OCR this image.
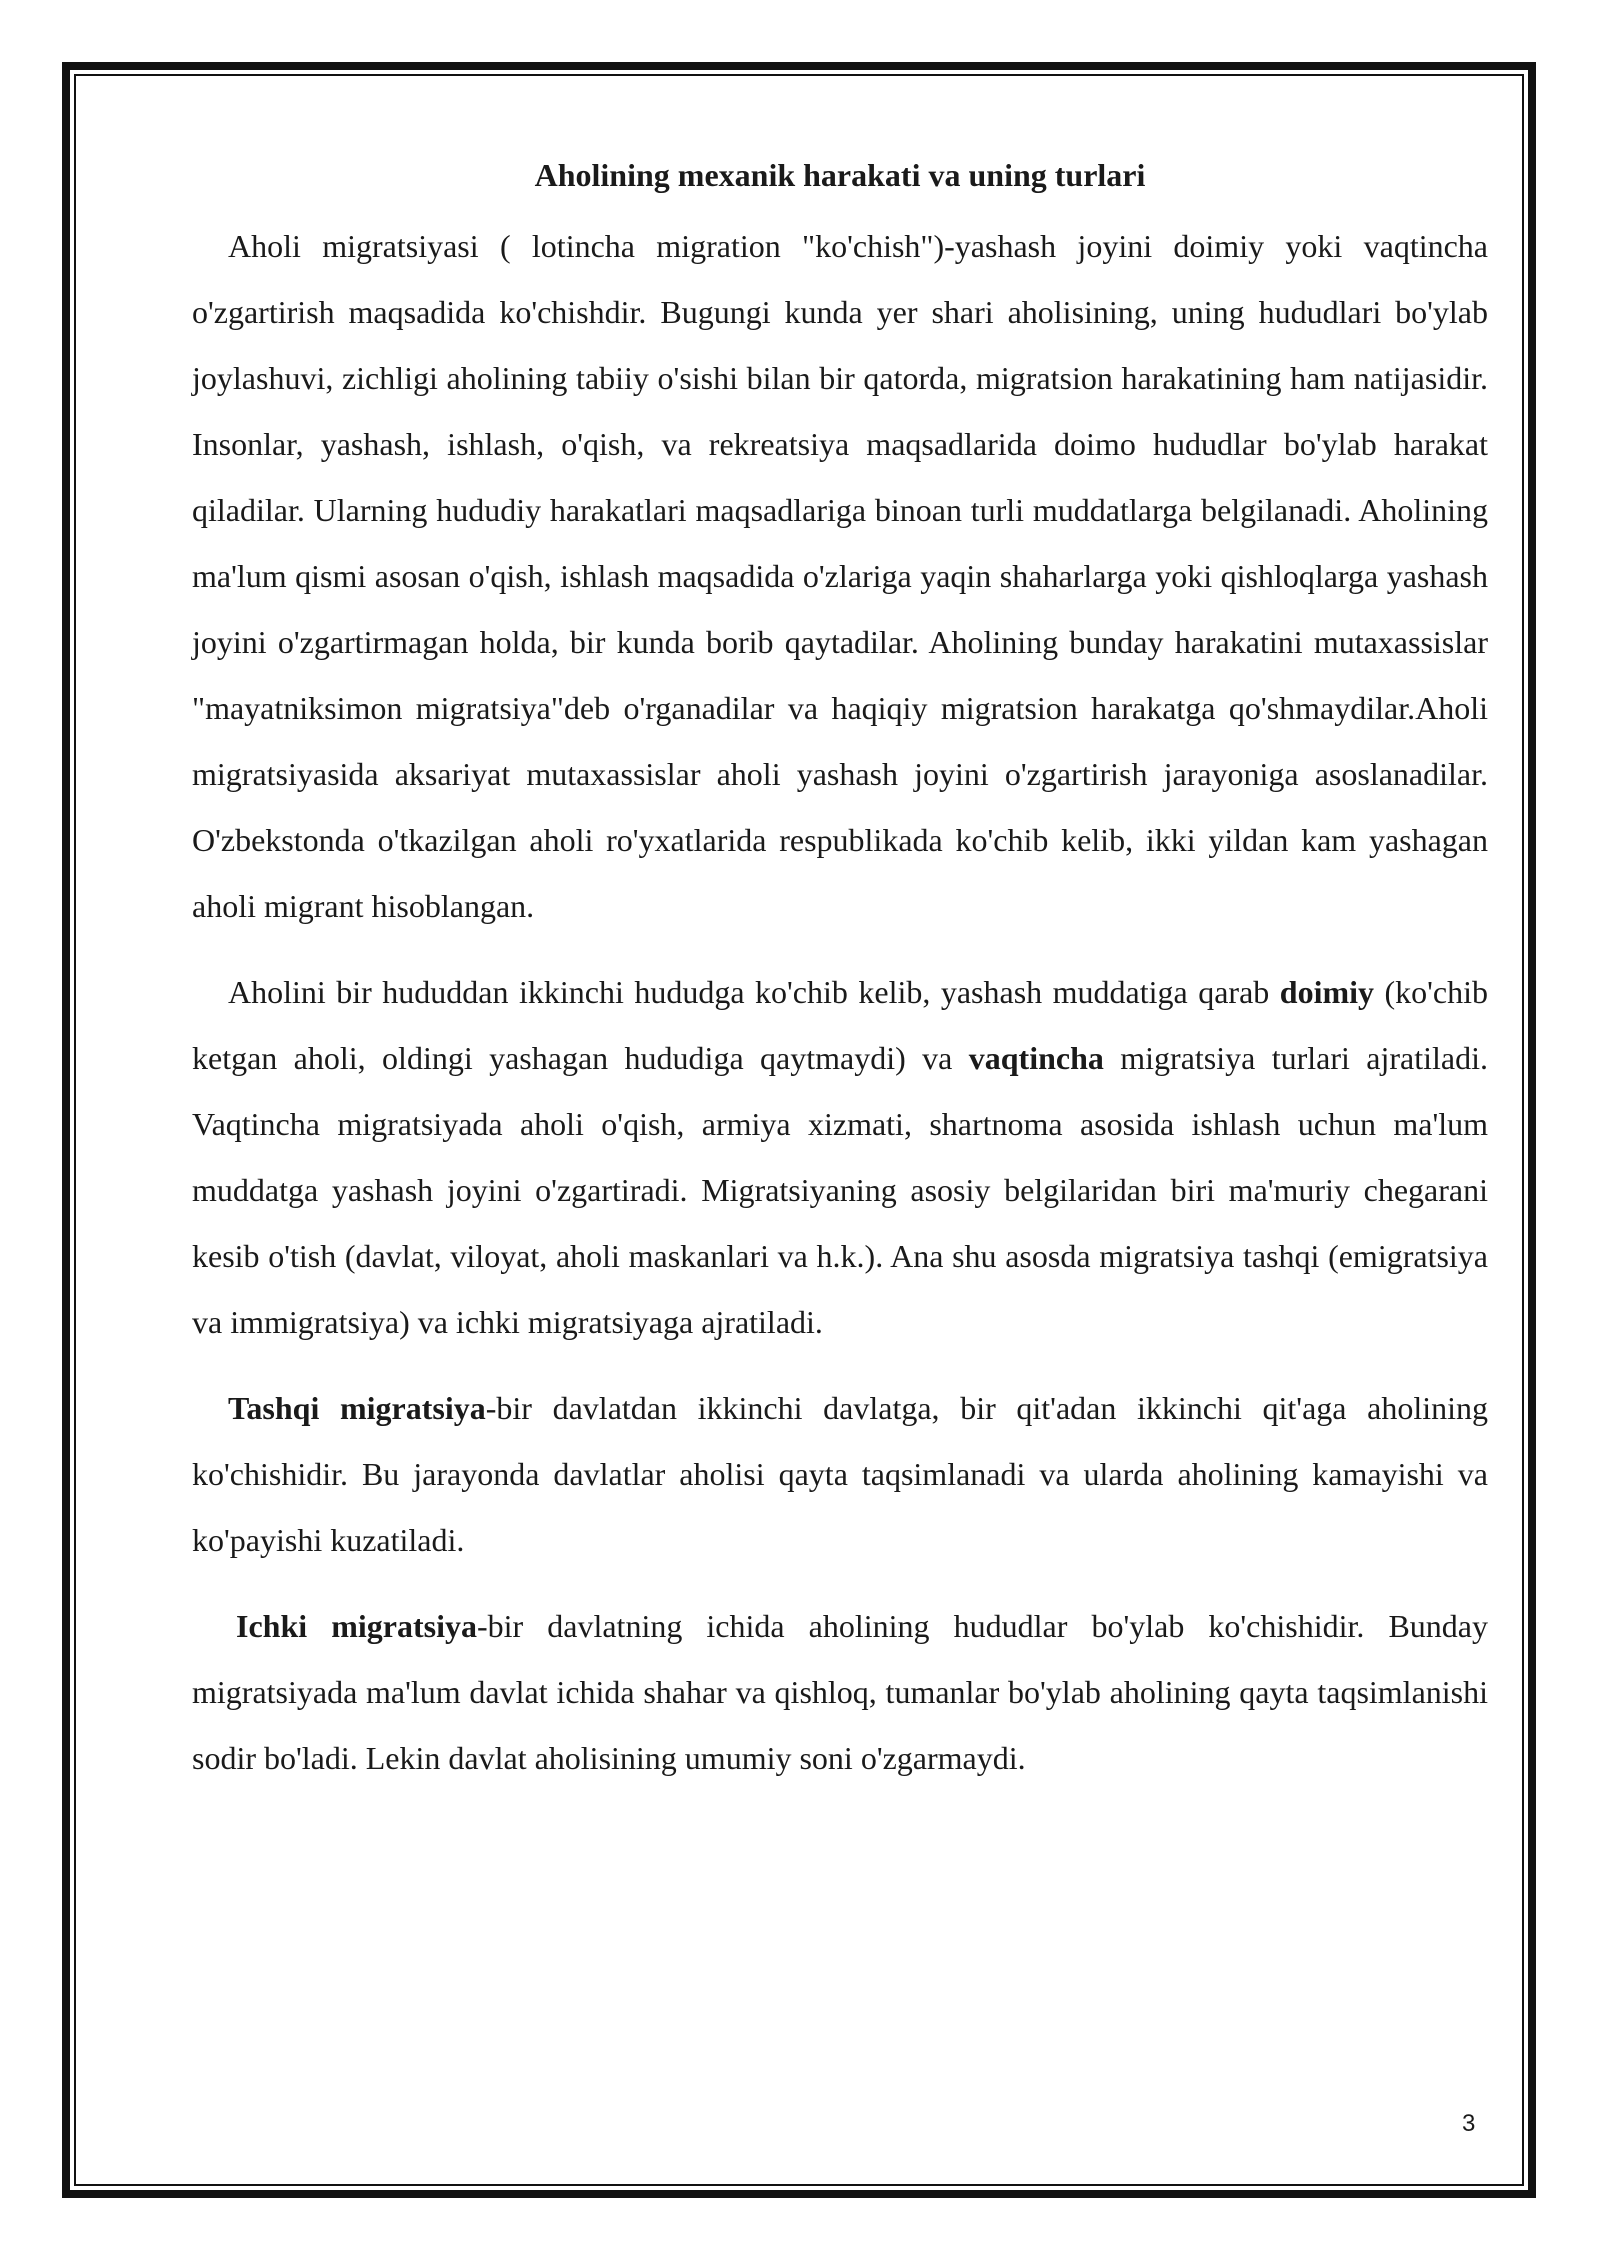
Aholining mexanik harakati va uning turlari

Aholi migratsiyasi ( lotincha migration "ko'chish")-yashash joyini doimiy yoki vaqtincha o'zgartirish maqsadida ko'chishdir. Bugungi kunda yer shari aholisining, uning hududlari bo'ylab joylashuvi, zichligi aholining tabiiy o'sishi bilan bir qatorda, migratsion harakatining ham natijasidir. Insonlar, yashash, ishlash, o'qish, va rekreatsiya maqsadlarida doimo hududlar bo'ylab harakat qiladilar. Ularning hududiy harakatlari maqsadlariga binoan turli muddatlarga belgilanadi. Aholining ma'lum qismi asosan o'qish, ishlash maqsadida o'zlariga yaqin shaharlarga yoki qishloqlarga yashash joyini o'zgartirmagan holda, bir kunda borib qaytadilar. Aholining bunday harakatini mutaxassislar "mayatniksimon migratsiya"deb o'rganadilar va haqiqiy migratsion harakatga qo'shmaydilar.Aholi migratsiyasida aksariyat mutaxassislar aholi yashash joyini o'zgartirish jarayoniga asoslanadilar. O'zbekstonda o'tkazilgan aholi ro'yxatlarida respublikada ko'chib kelib, ikki yildan kam yashagan aholi migrant hisoblangan.

Aholini bir hududdan ikkinchi hududga ko'chib kelib, yashash muddatiga qarab doimiy (ko'chib ketgan aholi, oldingi yashagan hududiga qaytmaydi) va vaqtincha migratsiya turlari ajratiladi. Vaqtincha migratsiyada aholi o'qish, armiya xizmati, shartnoma asosida ishlash uchun ma'lum muddatga yashash joyini o'zgartiradi. Migratsiyaning asosiy belgilaridan biri ma'muriy chegarani kesib o'tish (davlat, viloyat, aholi maskanlari va h.k.). Ana shu asosda migratsiya tashqi (emigratsiya va immigratsiya) va ichki migratsiyaga ajratiladi.

Tashqi migratsiya-bir davlatdan ikkinchi davlatga, bir qit'adan ikkinchi qit'aga aholining ko'chishidir. Bu jarayonda davlatlar aholisi qayta taqsimlanadi va ularda aholining kamayishi va ko'payishi kuzatiladi.

Ichki migratsiya-bir davlatning ichida aholining hududlar bo'ylab ko'chishidir. Bunday migratsiyada ma'lum davlat ichida shahar va qishloq, tumanlar bo'ylab aholining qayta taqsimlanishi sodir bo'ladi. Lekin davlat aholisining umumiy soni o'zgarmaydi.

3
